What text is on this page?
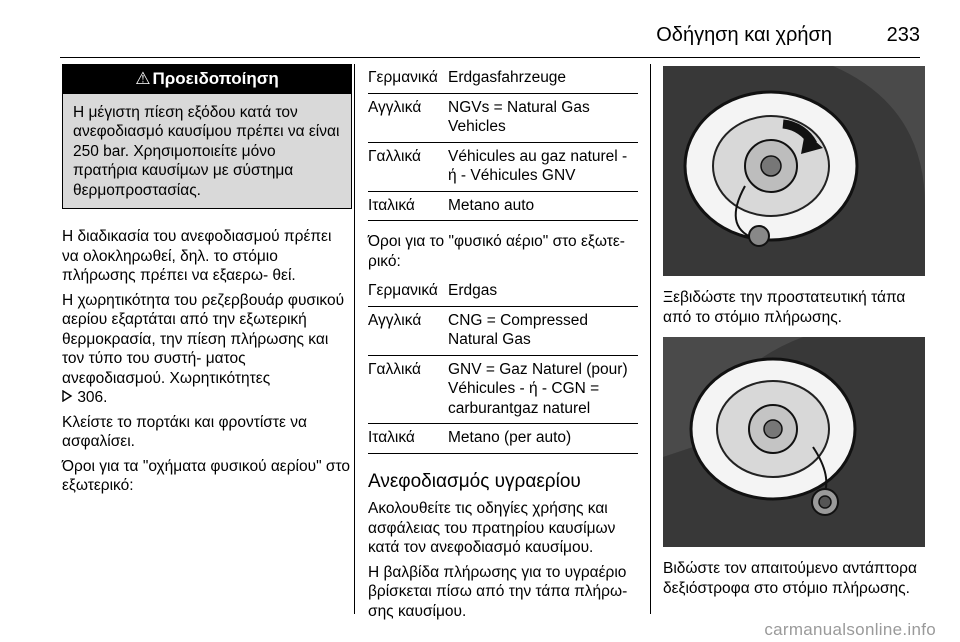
Οδήγηση και χρήση	233
⚠ Προειδοποίηση
Η μέγιστη πίεση εξόδου κατά τον ανεφοδιασμό καυσίμου πρέπει να είναι 250 bar. Χρησιμοποιείτε μόνο πρατήρια καυσίμων με σύστημα θερμοπροστασίας.

Η διαδικασία του ανεφοδιασμού πρέπει να ολοκληρωθεί, δηλ. το στόμιο πλήρωσης πρέπει να εξαερω- θεί.

Η χωρητικότητα του ρεζερβουάρ φυσικού αερίου εξαρτάται από την εξωτερική θερμοκρασία, την πίεση πλήρωσης και τον τύπο του συστή- ματος ανεφοδιασμού. Χωρητικότητες
306.

Κλείστε το πορτάκι και φροντίστε να ασφαλίσει.

Όροι για τα "οχήματα φυσικού αερίου" στο εξωτερικό:

Γερμανικά Erdgasfahrzeuge
Αγγλικά	NGVs = Natural Gas Vehicles
Γαλλικά	Véhicules au gaz naturel - ή - Véhicules GNV
Ιταλικά	Metano auto

Όροι για το "φυσικό αέριο" στο εξωτε- ρικό:

Γερμανικά Erdgas
Αγγλικά	CNG = Compressed Natural Gas
Γαλλικά	GNV = Gaz Naturel (pour) Véhicules - ή - CGN = carburantgaz naturel
Ιταλικά	Metano (per auto)
Ανεφοδιασμός υγραερίου

Ακολουθείτε τις οδηγίες χρήσης και ασφάλειας του πρατηρίου καυσίμων κατά τον ανεφοδιασμό καυσίμου.

Η βαλβίδα πλήρωσης για το υγραέριο βρίσκεται πίσω από την τάπα πλήρω- σης καυσίμου.

Ξεβιδώστε την προστατευτική τάπα από το στόμιο πλήρωσης.

Βιδώστε τον απαιτούμενο αντάπτορα δεξιόστροφα στο στόμιο πλήρωσης.

carmanualsonline.info
